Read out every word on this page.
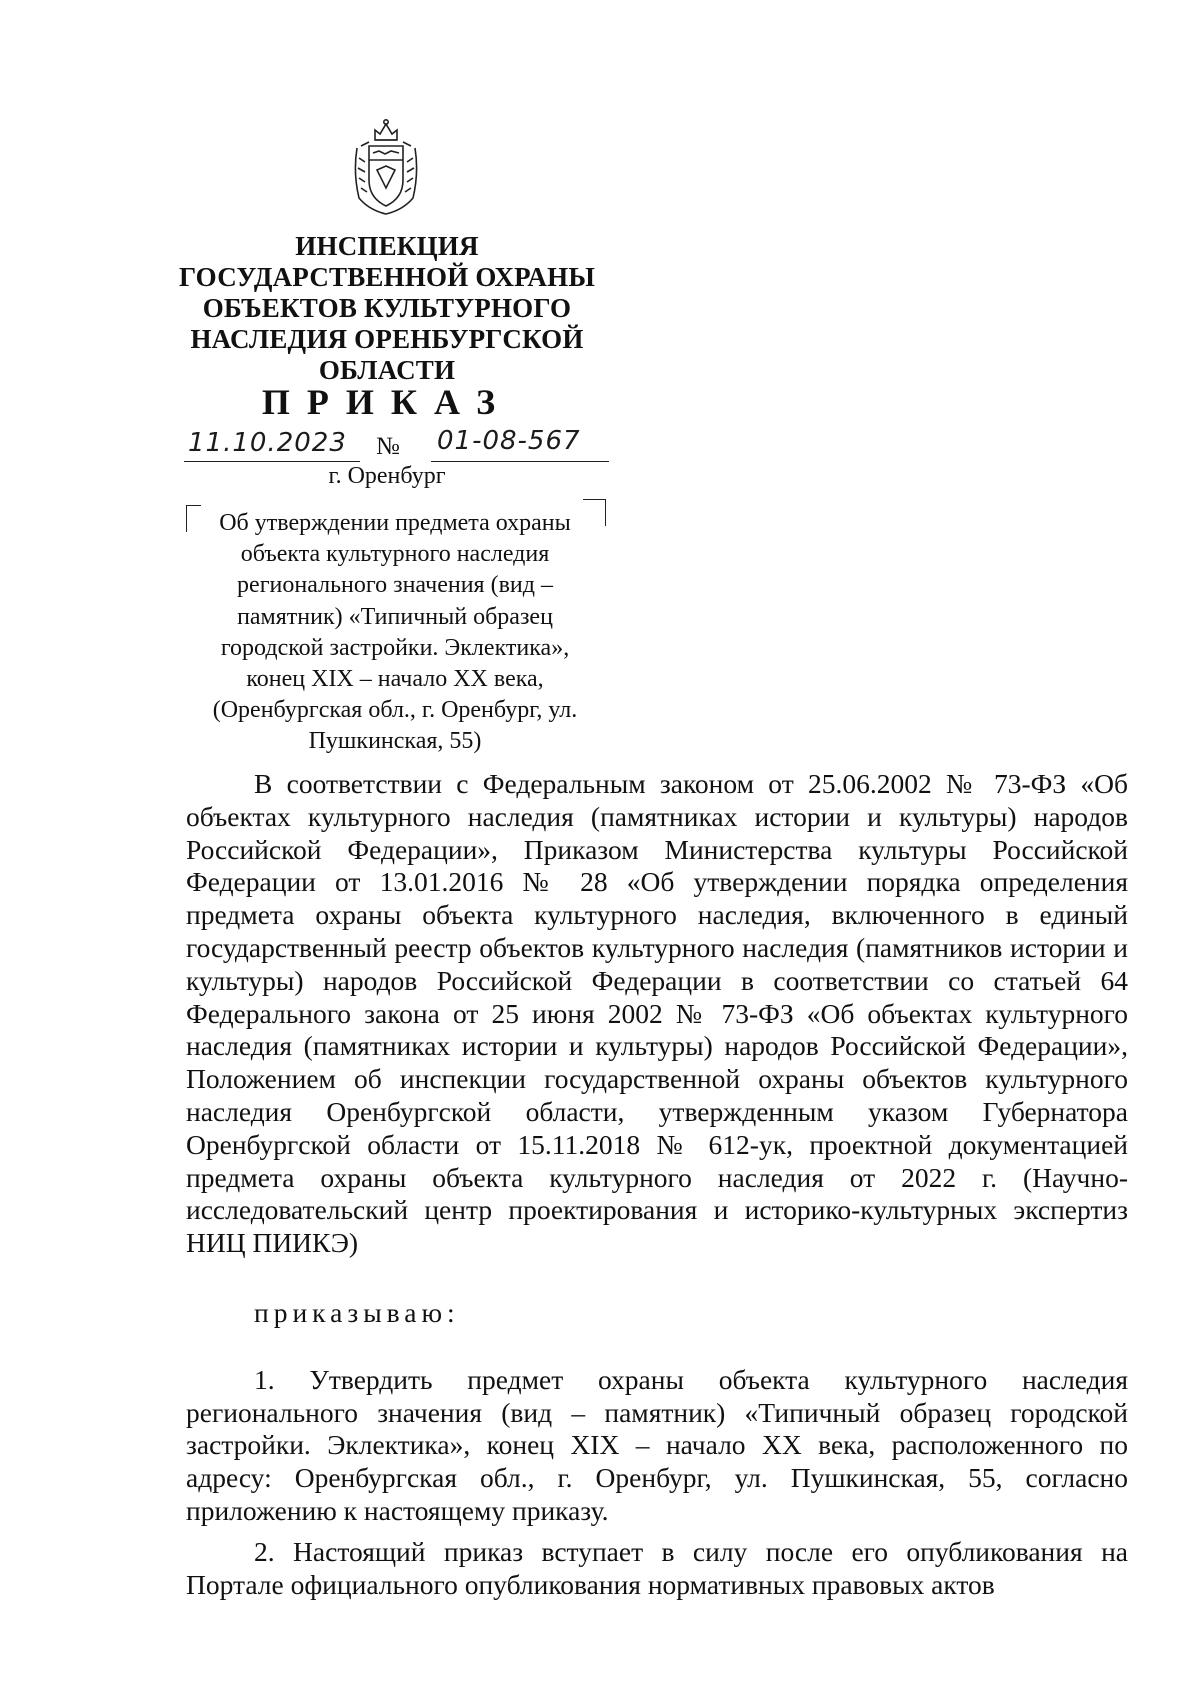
ИНСПЕКЦИЯ
ГОСУДАРСТВЕННОЙ ОХРАНЫ
ОБЪЕКТОВ КУЛЬТУРНОГО
НАСЛЕДИЯ ОРЕНБУРГСКОЙ
ОБЛАСТИ
ПРИКАЗ
11.10.2023 № 01-08-567
г. Оренбург
Об утверждении предмета охраны
объекта культурного наследия
регионального значения (вид –
памятник) «Типичный образец
городской застройки. Эклектика»,
конец XIX – начало XX века,
(Оренбургская обл., г. Оренбург, ул.
Пушкинская, 55)

В соответствии с Федеральным законом от 25.06.2002 № 73-ФЗ «Об объектах культурного наследия (памятниках истории и культуры) народов Российской Федерации», Приказом Министерства культуры Российской Федерации от 13.01.2016 № 28 «Об утверждении порядка определения предмета охраны объекта культурного наследия, включенного в единый государственный реестр объектов культурного наследия (памятников истории и культуры) народов Российской Федерации в соответствии со статьей 64 Федерального закона от 25 июня 2002 № 73-ФЗ «Об объектах культурного наследия (памятниках истории и культуры) народов Российской Федерации», Положением об инспекции государственной охраны объектов культурного наследия Оренбургской области, утвержденным указом Губернатора Оренбургской области от 15.11.2018 № 612-ук, проектной документацией предмета охраны объекта культурного наследия от 2022 г. (Научно-исследовательский центр проектирования и историко-культурных экспертиз НИЦ ПИИКЭ)

приказываю:

1. Утвердить предмет охраны объекта культурного наследия регионального значения (вид – памятник) «Типичный образец городской застройки. Эклектика», конец XIX – начало XX века, расположенного по адресу: Оренбургская обл., г. Оренбург, ул. Пушкинская, 55, согласно приложению к настоящему приказу.

2. Настоящий приказ вступает в силу после его опубликования на Портале официального опубликования нормативных правовых актов
